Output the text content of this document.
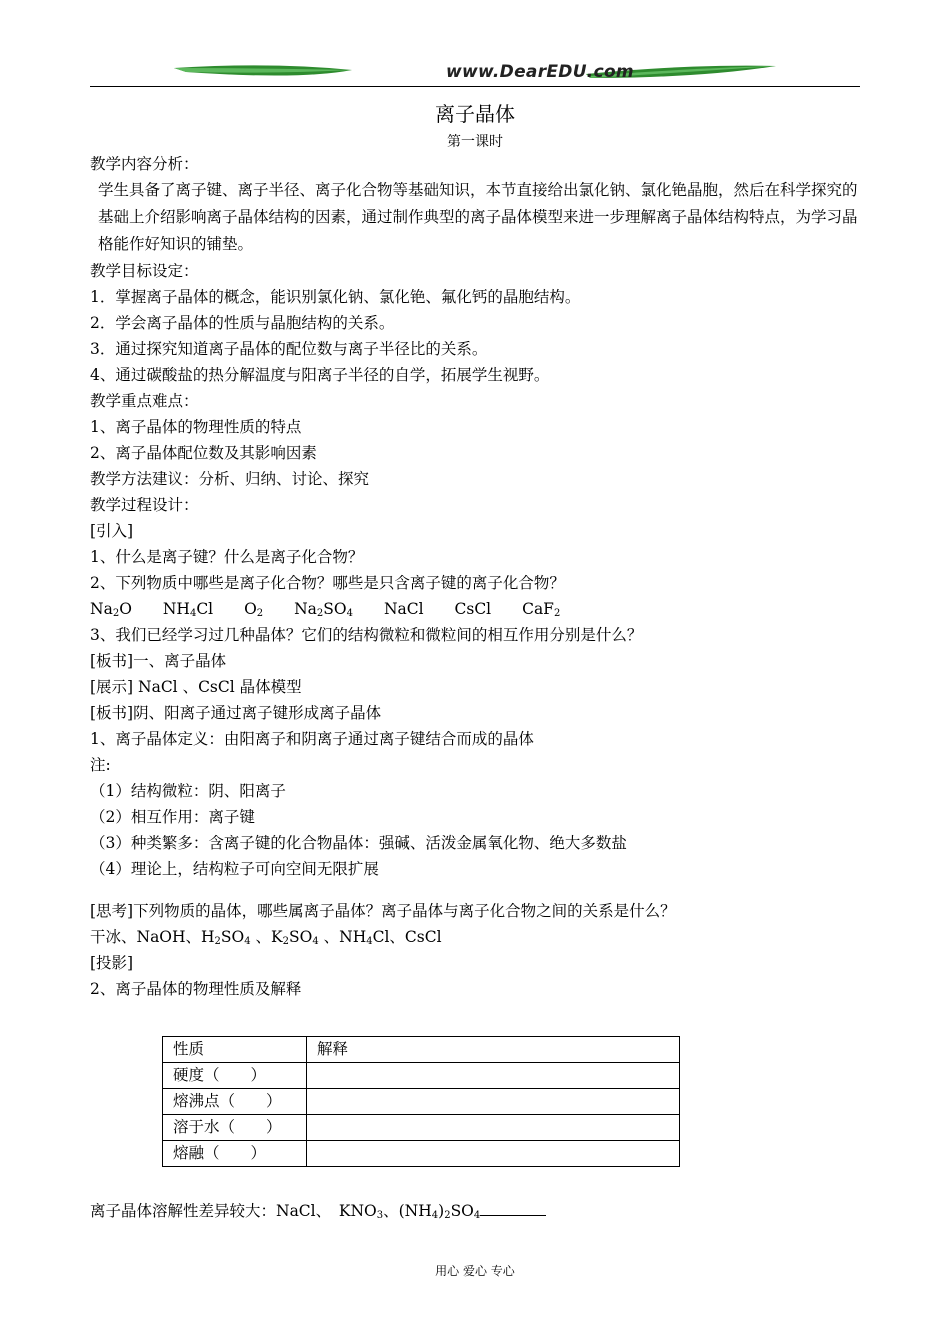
www.DearEDU.com
离子晶体
第一课时
教学内容分析：
学生具备了离子键、离子半径、离子化合物等基础知识，本节直接给出氯化钠、氯化铯晶胞，然后在科学探究的基础上介绍影响离子晶体结构的因素，通过制作典型的离子晶体模型来进一步理解离子晶体结构特点，为学习晶格能作好知识的铺垫。
教学目标设定：
1．掌握离子晶体的概念，能识别氯化钠、氯化铯、氟化钙的晶胞结构。
2．学会离子晶体的性质与晶胞结构的关系。
3．通过探究知道离子晶体的配位数与离子半径比的关系。
4、通过碳酸盐的热分解温度与阳离子半径的自学，拓展学生视野。
教学重点难点：
1、离子晶体的物理性质的特点
2、离子晶体配位数及其影响因素
教学方法建议：分析、归纳、讨论、探究
教学过程设计：
[引入]
1、什么是离子键？什么是离子化合物？
2、下列物质中哪些是离子化合物？哪些是只含离子键的离子化合物？
$Na_2O$ $NH_4Cl$ $O_2$ $Na_2SO_4$ NaCl CsCl CaF$_2$
3、我们已经学习过几种晶体？它们的结构微粒和微粒间的相互作用分别是什么？
[板书]一、离子晶体
[展示] NaCl 、CsCl 晶体模型
[板书]阴、阳离子通过离子键形成离子晶体
1、离子晶体定义：由阳离子和阴离子通过离子键结合而成的晶体
注:
（1）结构微粒：阴、阳离子
（2）相互作用：离子键
（3）种类繁多：含离子键的化合物晶体：强碱、活泼金属氧化物、绝大多数盐
（4）理论上，结构粒子可向空间无限扩展
[思考]下列物质的晶体，哪些属离子晶体？离子晶体与离子化合物之间的关系是什么？
干冰、NaOH、$H_2SO_4$ 、$K_2SO_4$ 、$NH_4Cl$、CsCl
[投影]
2、离子晶体的物理性质及解释
性质	解释
硬度（　　）	
熔沸点（　　）	
溶于水（　　）	
熔融（　　）	
离子晶体溶解性差异较大：NaCl、　$KNO_3$、$(NH_4)_2SO_4$
用心 爱心 专心
